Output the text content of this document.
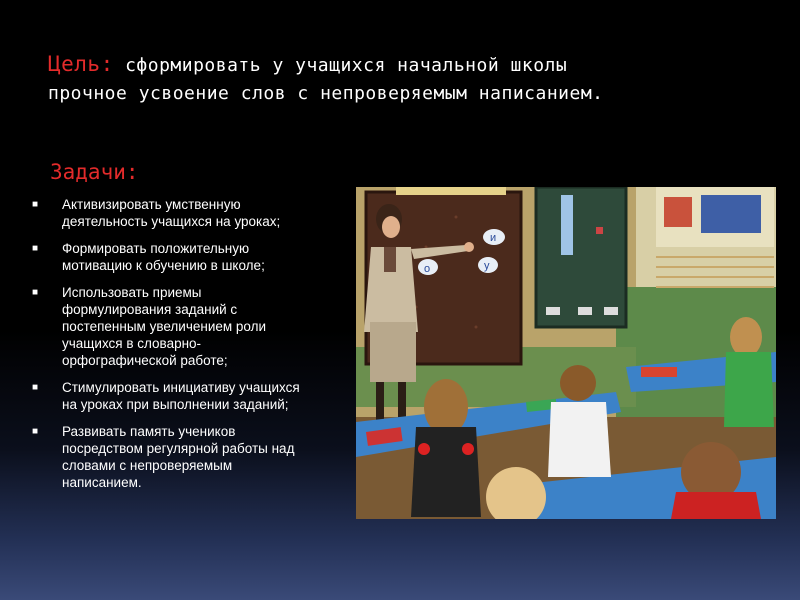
Цель: сформировать у учащихся начальной школы
прочное усвоение слов с непроверяемым написанием.
Задачи:
■ Активизировать умственную
деятельность учащихся на уроках;
■ Формировать положительную
мотивацию к обучению в школе;
■ Использовать приемы
формулирования заданий с
постепенным увеличением роли
учащихся в словарно-
орфографической работе;
■ Стимулировать инициативу учащихся
на уроках при выполнении заданий;
■ Развивать память учеников
посредством регулярной работы над
словами с непроверяемым
написанием.
о
и
у
